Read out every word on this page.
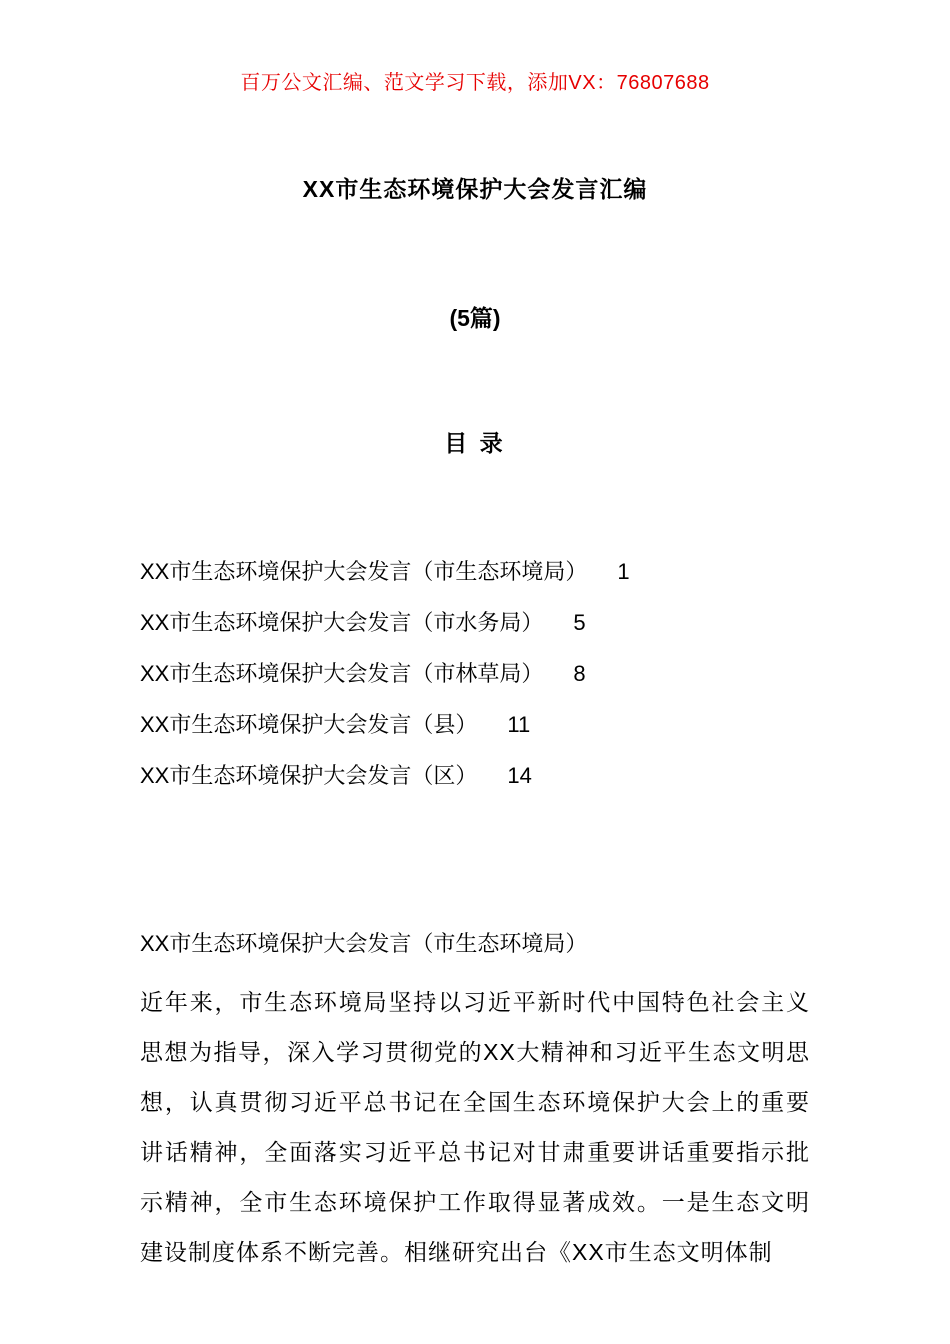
百万公文汇编、范文学习下载，添加VX：76807688
XX市生态环境保护大会发言汇编
(5篇)
目 录
XX市生态环境保护大会发言（市生态环境局） 1
XX市生态环境保护大会发言（市水务局） 5
XX市生态环境保护大会发言（市林草局） 8
XX市生态环境保护大会发言（县） 11
XX市生态环境保护大会发言（区） 14
XX市生态环境保护大会发言（市生态环境局）
近年来，市生态环境局坚持以习近平新时代中国特色社会主义思想为指导，深入学习贯彻党的XX大精神和习近平生态文明思想，认真贯彻习近平总书记在全国生态环境保护大会上的重要讲话精神，全面落实习近平总书记对甘肃重要讲话重要指示批示精神，全市生态环境保护工作取得显著成效。一是生态文明建设制度体系不断完善。相继研究出台《XX市生态文明体制
